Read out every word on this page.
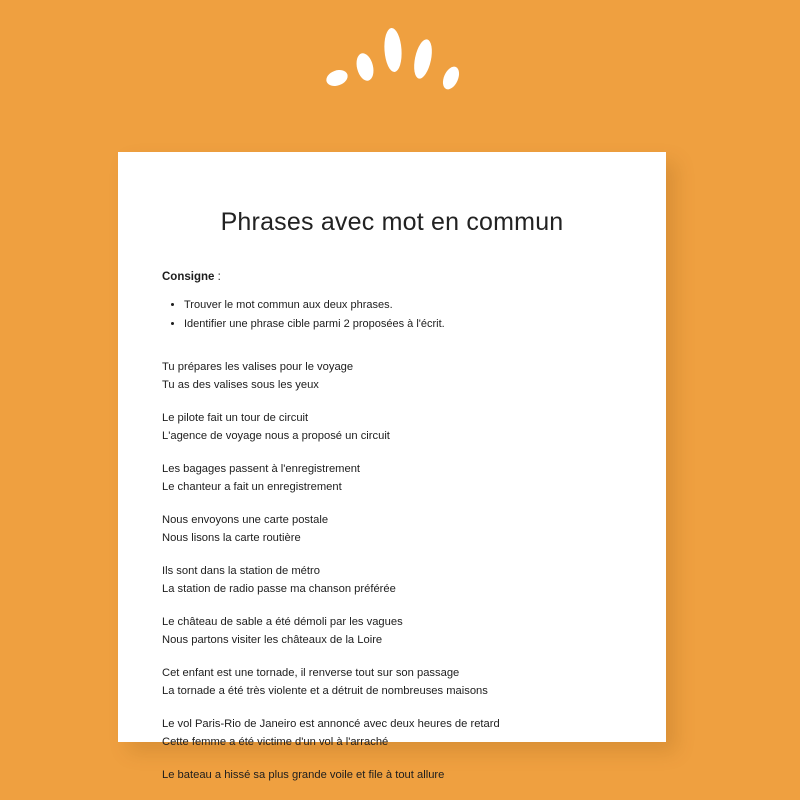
Phrases avec mot en commun

Consigne :

• Trouver le mot commun aux deux phrases.
• Identifier une phrase cible parmi 2 proposées à l'écrit.

Tu prépares les valises pour le voyage

Tu as des valises sous les yeux

Le pilote fait un tour de circuit

L'agence de voyage nous a proposé un circuit

Les bagages passent à l'enregistrement

Le chanteur a fait un enregistrement

Nous envoyons une carte postale

Nous lisons la carte routière

Ils sont dans la station de métro

La station de radio passe ma chanson préférée

Le château de sable a été démoli par les vagues

Nous partons visiter les châteaux de la Loire

Cet enfant est une tornade, il renverse tout sur son passage

La tornade a été très violente et a détruit de nombreuses maisons

Le vol Paris-Rio de Janeiro est annoncé avec deux heures de retard

Cette femme a été victime d'un vol à l'arraché

Le bateau a hissé sa plus grande voile et file à tout allure
